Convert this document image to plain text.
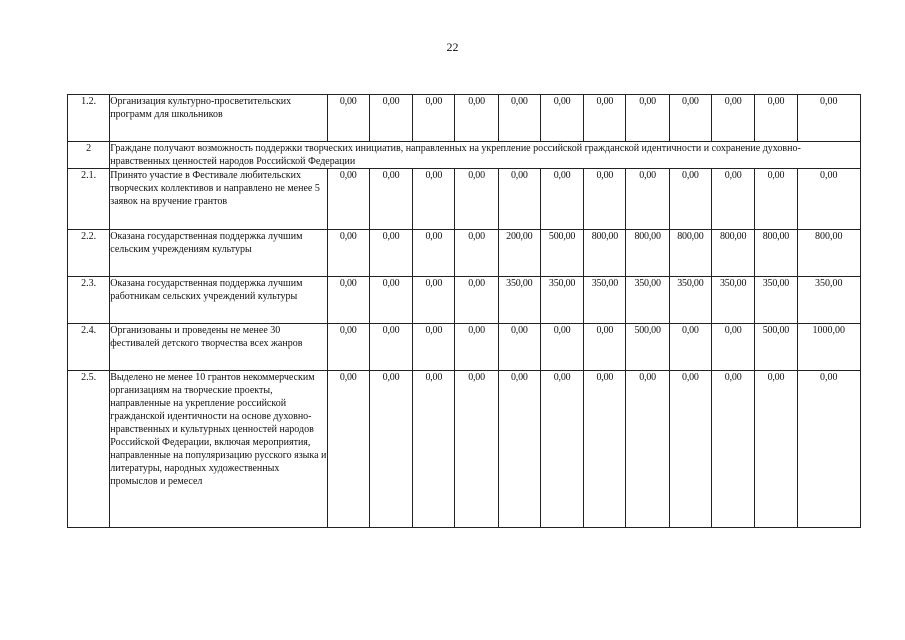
22
1.2.	Организация культурно-просветительских программ для школьников	0,00	0,00	0,00	0,00	0,00	0,00	0,00	0,00	0,00	0,00	0,00	0,00
2	Граждане получают возможность поддержки творческих инициатив, направленных на укрепление российской гражданской идентичности и сохранение духовно-нравственных ценностей народов Российской Федерации												
2.1.	Принято участие в Фестивале любительских творческих коллективов и направлено не менее 5 заявок на вручение грантов	0,00	0,00	0,00	0,00	0,00	0,00	0,00	0,00	0,00	0,00	0,00	0,00
2.2.	Оказана государственная поддержка лучшим сельским учреждениям культуры	0,00	0,00	0,00	0,00	200,00	500,00	800,00	800,00	800,00	800,00	800,00	800,00
2.3.	Оказана государственная поддержка лучшим работникам сельских учреждений культуры	0,00	0,00	0,00	0,00	350,00	350,00	350,00	350,00	350,00	350,00	350,00	350,00
2.4.	Организованы и проведены не менее 30 фестивалей детского творчества всех жанров	0,00	0,00	0,00	0,00	0,00	0,00	0,00	500,00	0,00	0,00	500,00	1000,00
2.5.	Выделено не менее 10 грантов некоммерческим организациям на творческие проекты, направленные на укрепление российской гражданской идентичности на основе духовно-нравственных и культурных ценностей народов Российской Федерации, включая мероприятия, направленные на популяризацию русского языка и литературы, народных художественных промыслов и ремесел	0,00	0,00	0,00	0,00	0,00	0,00	0,00	0,00	0,00	0,00	0,00	0,00
